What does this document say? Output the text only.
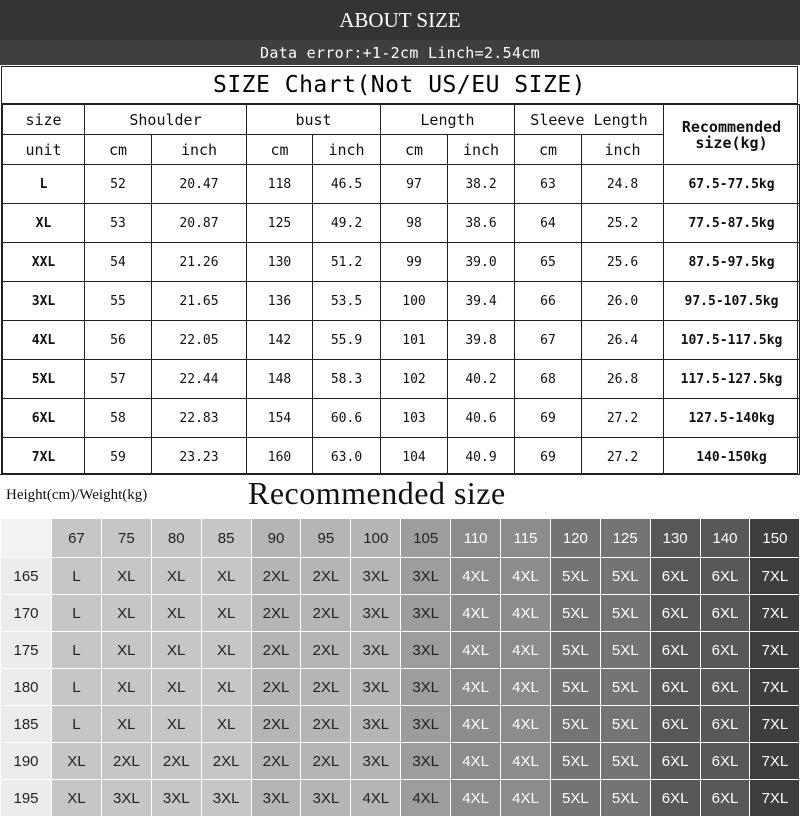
ABOUT SIZE
Data error:+1-2cm Linch=2.54cm
SIZE Chart(Not US/EU SIZE)
size	Shoulder		bust		Length		Sleeve Length		Recommended size(kg)
unit	cm	inch	cm	inch	cm	inch	cm	inch	
L	52	20.47	118	46.5	97	38.2	63	24.8	67.5-77.5kg
XL	53	20.87	125	49.2	98	38.6	64	25.2	77.5-87.5kg
XXL	54	21.26	130	51.2	99	39.0	65	25.6	87.5-97.5kg
3XL	55	21.65	136	53.5	100	39.4	66	26.0	97.5-107.5kg
4XL	56	22.05	142	55.9	101	39.8	67	26.4	107.5-117.5kg
5XL	57	22.44	148	58.3	102	40.2	68	26.8	117.5-127.5kg
6XL	58	22.83	154	60.6	103	40.6	69	27.2	127.5-140kg
7XL	59	23.23	160	63.0	104	40.9	69	27.2	140-150kg
Height(cm)/Weight(kg)	Recommended size
	67	75	80	85	90	95	100	105	110	115	120	125	130	140	150
165	L	XL	XL	XL	2XL	2XL	3XL	3XL	4XL	4XL	5XL	5XL	6XL	6XL	7XL
170	L	XL	XL	XL	2XL	2XL	3XL	3XL	4XL	4XL	5XL	5XL	6XL	6XL	7XL
175	L	XL	XL	XL	2XL	2XL	3XL	3XL	4XL	4XL	5XL	5XL	6XL	6XL	7XL
180	L	XL	XL	XL	2XL	2XL	3XL	3XL	4XL	4XL	5XL	5XL	6XL	6XL	7XL
185	L	XL	XL	XL	2XL	2XL	3XL	3XL	4XL	4XL	5XL	5XL	6XL	6XL	7XL
190	XL	2XL	2XL	2XL	2XL	2XL	3XL	3XL	4XL	4XL	5XL	5XL	6XL	6XL	7XL
195	XL	3XL	3XL	3XL	3XL	3XL	4XL	4XL	4XL	4XL	5XL	5XL	6XL	6XL	7XL
